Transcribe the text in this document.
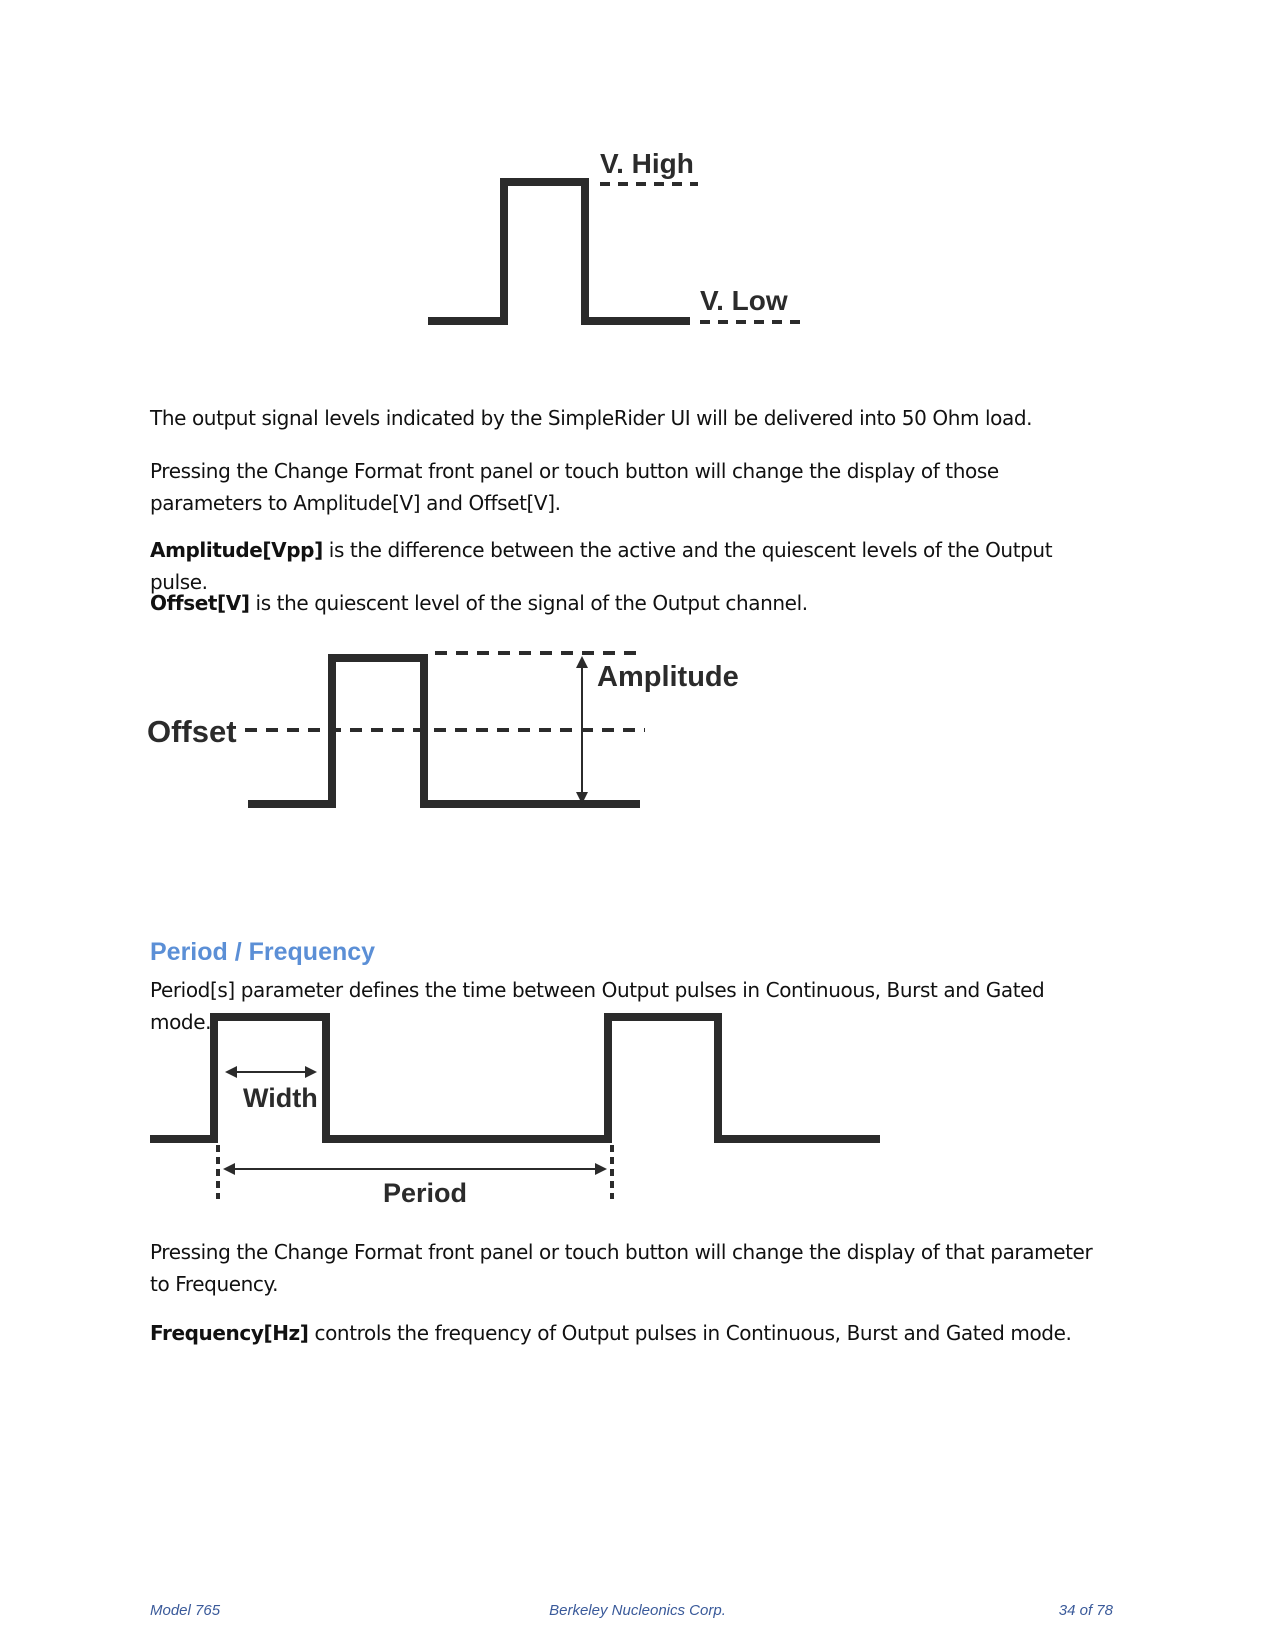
V. High
V. Low

The output signal levels indicated by the SimpleRider UI will be delivered into 50 Ohm load.

Pressing the Change Format front panel or touch button will change the display of those parameters to Amplitude[V] and Offset[V].

Amplitude[Vpp] is the difference between the active and the quiescent levels of the Output pulse.

Offset[V] is the quiescent level of the signal of the Output channel.

Offset
Amplitude
Period / Frequency

Period[s] parameter defines the time between Output pulses in Continuous, Burst and Gated mode.

Width
Period

Pressing the Change Format front panel or touch button will change the display of that parameter to Frequency.

Frequency[Hz] controls the frequency of Output pulses in Continuous, Burst and Gated mode.

Model 765	Berkeley Nucleonics Corp.	34 of 78
